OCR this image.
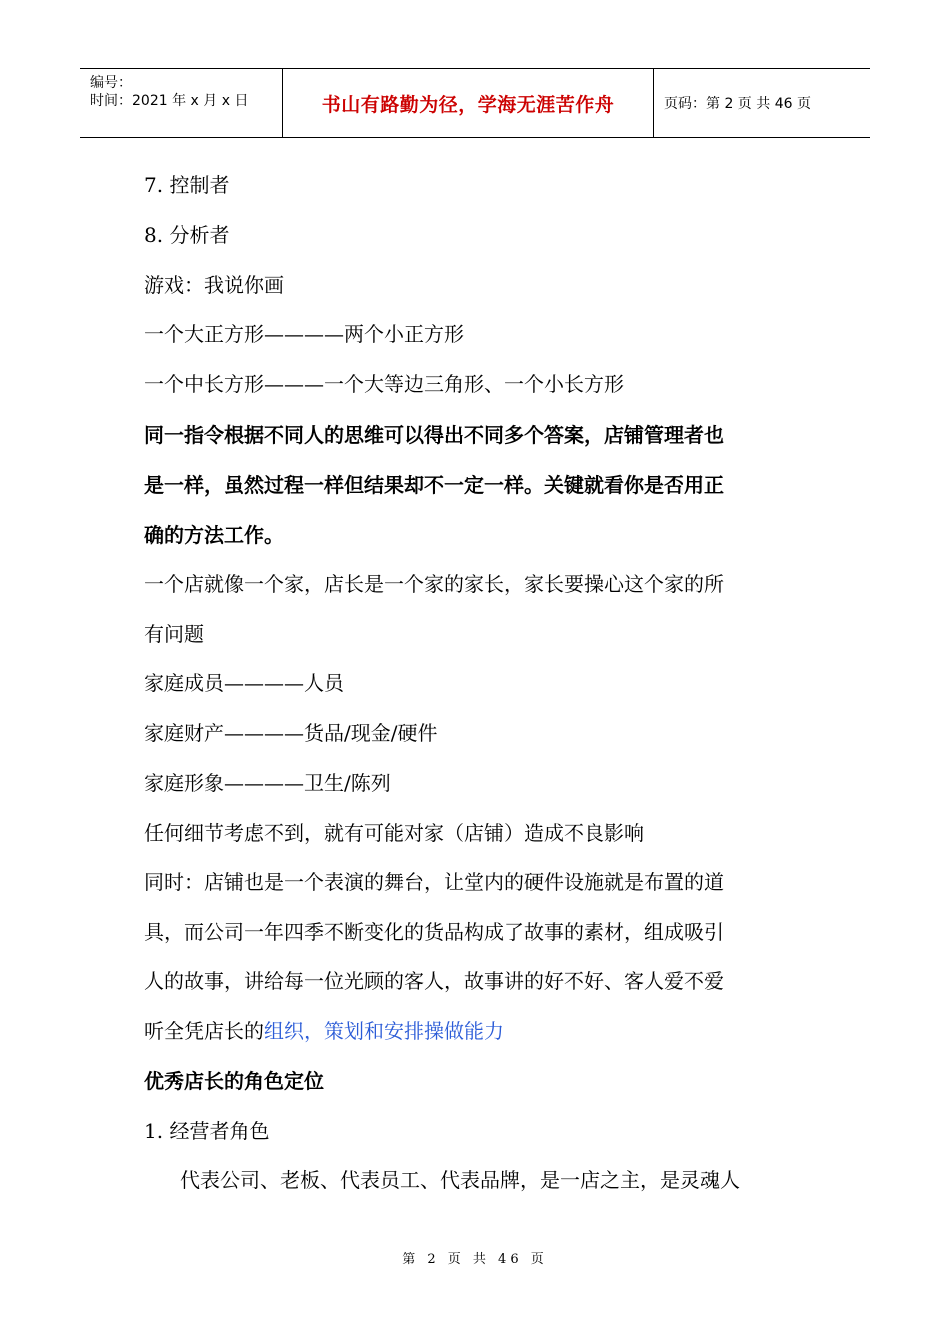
编号：
时间：2021 年 x 月 x 日	书山有路勤为径，学海无涯苦作舟	页码：第 2 页 共 46 页
7. 控制者
8. 分析者
游戏：我说你画
一个大正方形————两个小正方形
一个中长方形———一个大等边三角形、一个小长方形
同一指令根据不同人的思维可以得出不同多个答案，店铺管理者也
是一样，虽然过程一样但结果却不一定一样。关键就看你是否用正
确的方法工作。
一个店就像一个家，店长是一个家的家长，家长要操心这个家的所
有问题
家庭成员————人员
家庭财产————货品/现金/硬件
家庭形象————卫生/陈列
任何细节考虑不到，就有可能对家（店铺）造成不良影响
同时：店铺也是一个表演的舞台，让堂内的硬件设施就是布置的道
具，而公司一年四季不断变化的货品构成了故事的素材，组成吸引
人的故事，讲给每一位光顾的客人，故事讲的好不好、客人爱不爱
听全凭店长的组织，策划和安排操做能力
优秀店长的角色定位
1. 经营者角色
代表公司、老板、代表员工、代表品牌，是一店之主，是灵魂人
第 2 页 共 46 页
